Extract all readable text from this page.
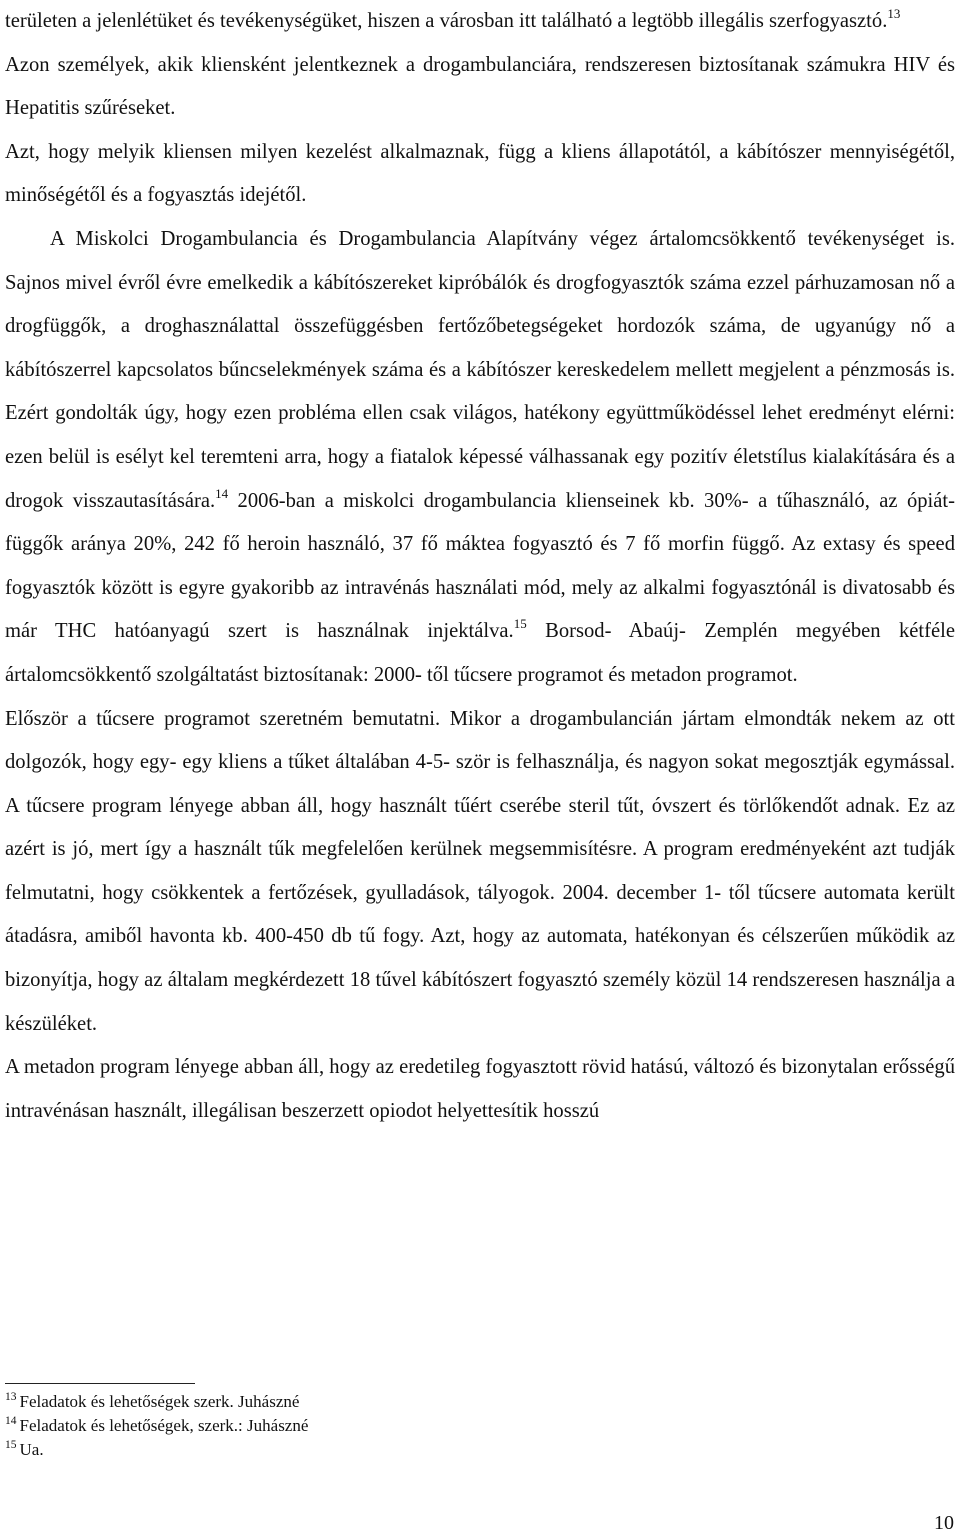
területen a jelenlétüket és tevékenységüket, hiszen a városban itt található a legtöbb illegális szerfogyasztó.$^{13}$

Azon személyek, akik kliensként jelentkeznek a drogambulanciára, rendszeresen biztosítanak számukra HIV és Hepatitis szűréseket.

Azt, hogy melyik kliensen milyen kezelést alkalmaznak, függ a kliens állapotától, a kábítószer mennyiségétől, minőségétől és a fogyasztás idejétől.

A Miskolci Drogambulancia és Drogambulancia Alapítvány végez ártalomcsökkentő tevékenységet is. Sajnos mivel évről évre emelkedik a kábítószereket kipróbálók és drogfogyasztók száma ezzel párhuzamosan nő a drogfüggők, a droghasználattal összefüggésben fertőzőbetegségeket hordozók száma, de ugyanúgy nő a kábítószerrel kapcsolatos bűncselekmények száma és a kábítószer kereskedelem mellett megjelent a pénzmosás is. Ezért gondolták úgy, hogy ezen probléma ellen csak világos, hatékony együttműködéssel lehet eredményt elérni: ezen belül is esélyt kel teremteni arra, hogy a fiatalok képessé válhassanak egy pozitív életstílus kialakítására és a drogok visszautasítására.$^{14}$ 2006-ban a miskolci drogambulancia klienseinek kb. 30%- a tűhasználó, az ópiát- függők aránya 20%, 242 fő heroin használó, 37 fő máktea fogyasztó és 7 fő morfin függő. Az extasy és speed fogyasztók között is egyre gyakoribb az intravénás használati mód, mely az alkalmi fogyasztónál is divatosabb és már THC hatóanyagú szert is használnak injektálva.$^{15}$ Borsod- Abaúj- Zemplén megyében kétféle ártalomcsökkentő szolgáltatást biztosítanak: 2000- től tűcsere programot és metadon programot.

Először a tűcsere programot szeretném bemutatni. Mikor a drogambulancián jártam elmondták nekem az ott dolgozók, hogy egy- egy kliens a tűket általában 4-5- ször is felhasználja, és nagyon sokat megosztják egymással. A tűcsere program lényege abban áll, hogy használt tűért cserébe steril tűt, óvszert és törlőkendőt adnak. Ez az azért is jó, mert így a használt tűk megfelelően kerülnek megsemmisítésre. A program eredményeként azt tudják felmutatni, hogy csökkentek a fertőzések, gyulladások, tályogok. 2004. december 1- től tűcsere automata került átadásra, amiből havonta kb. 400-450 db tű fogy. Azt, hogy az automata, hatékonyan és célszerűen működik az bizonyítja, hogy az általam megkérdezett 18 tűvel kábítószert fogyasztó személy közül 14 rendszeresen használja a készüléket.

A metadon program lényege abban áll, hogy az eredetileg fogyasztott rövid hatású, változó és bizonytalan erősségű intravénásan használt, illegálisan beszerzett opiodot helyettesítik hosszú

$^{13}$ Feladatok és lehetőségek szerk. Juhászné
$^{14}$ Feladatok és lehetőségek, szerk.: Juhászné
$^{15}$ Ua.
10
